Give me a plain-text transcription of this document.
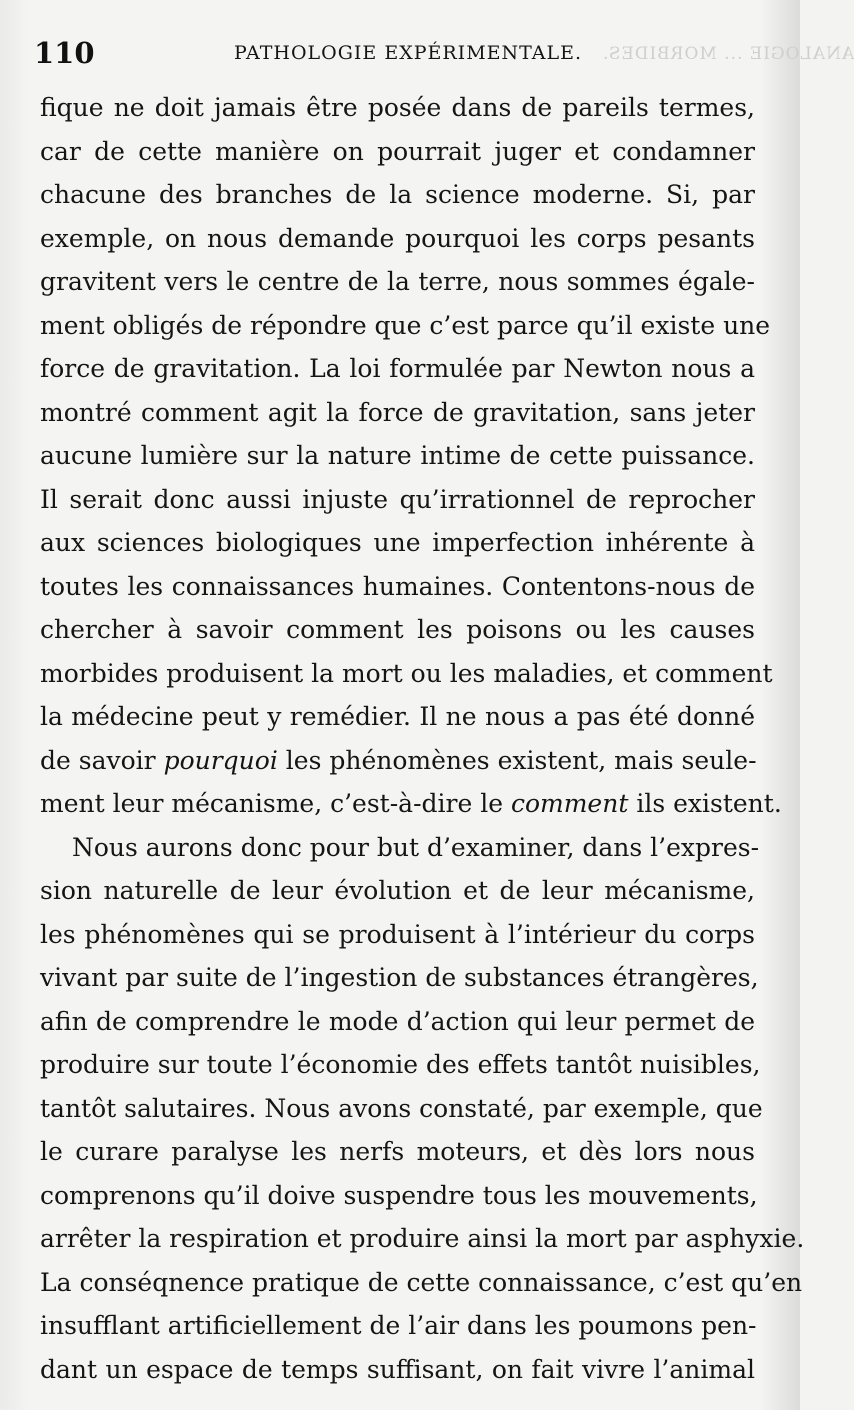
110	PATHOLOGIE EXPÉRIMENTALE. ANALOGIE ... MORBIDES.
fique ne doit jamais être posée dans de pareils termes,
car de cette manière on pourrait juger et condamner
chacune des branches de la science moderne. Si, par
exemple, on nous demande pourquoi les corps pesants
gravitent vers le centre de la terre, nous sommes égale-
ment obligés de répondre que c’est parce qu’il existe une
force de gravitation. La loi formulée par Newton nous a
montré comment agit la force de gravitation, sans jeter
aucune lumière sur la nature intime de cette puissance.
Il serait donc aussi injuste qu’irrationnel de reprocher
aux sciences biologiques une imperfection inhérente à
toutes les connaissances humaines. Contentons-nous de
chercher à savoir comment les poisons ou les causes
morbides produisent la mort ou les maladies, et comment
la médecine peut y remédier. Il ne nous a pas été donné
de savoir pourquoi les phénomènes existent, mais seule-
ment leur mécanisme, c’est-à-dire le comment ils existent.
Nous aurons donc pour but d’examiner, dans l’expres-
sion naturelle de leur évolution et de leur mécanisme,
les phénomènes qui se produisent à l’intérieur du corps
vivant par suite de l’ingestion de substances étrangères,
afin de comprendre le mode d’action qui leur permet de
produire sur toute l’économie des effets tantôt nuisibles,
tantôt salutaires. Nous avons constaté, par exemple, que
le curare paralyse les nerfs moteurs, et dès lors nous
comprenons qu’il doive suspendre tous les mouvements,
arrêter la respiration et produire ainsi la mort par asphyxie.
La conséqnence pratique de cette connaissance, c’est qu’en
insufflant artificiellement de l’air dans les poumons pen-
dant un espace de temps suffisant, on fait vivre l’animal
